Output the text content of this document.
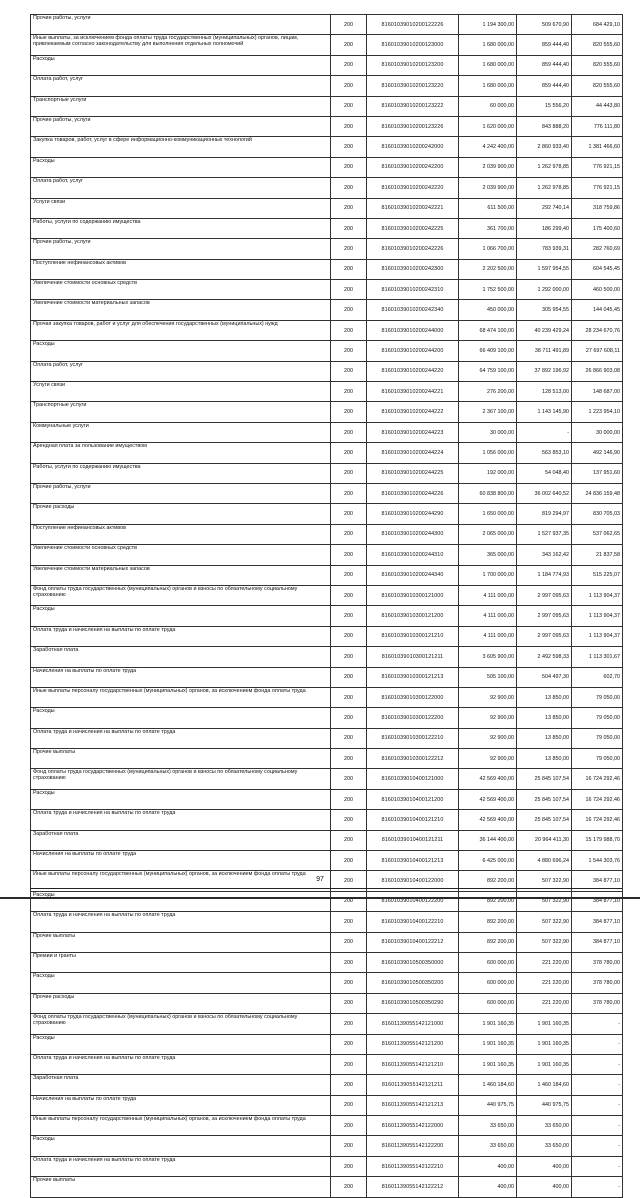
Прочие работы, услуги	200	81601039010200122226	1 194 300,00	509 670,90	684 429,10
Иные выплаты, за исключением фонда оплаты труда государственных (муниципальных) органов, лицам, привлекаемым согласно законодательству для выполнения отдельных полномочий	200	81601039010200123000	1 680 000,00	859 444,40	820 555,60
Расходы	200	81601039010200123200	1 680 000,00	859 444,40	820 555,60
Оплата работ, услуг	200	81601039010200123220	1 680 000,00	859 444,40	820 555,60
Транспортные услуги	200	81601039010200123222	60 000,00	15 556,20	44 443,80
Прочие работы, услуги	200	81601039010200123226	1 620 000,00	843 888,20	776 111,80
Закупка товаров, работ, услуг в сфере информационно-коммуникационных технологий	200	81601039010200242000	4 242 400,00	2 860 933,40	1 381 466,60
Расходы	200	81601039010200242200	2 039 900,00	1 262 978,85	776 921,15
Оплата работ, услуг	200	81601039010200242220	2 039 900,00	1 262 978,85	776 921,15
Услуги связи	200	81601039010200242221	611 500,00	292 740,14	318 759,86
Работы, услуги по содержанию имущества	200	81601039010200242225	361 700,00	186 299,40	175 400,60
Прочие работы, услуги	200	81601039010200242226	1 066 700,00	783 939,31	282 760,69
Поступление нефинансовых активов	200	81601039010200242300	2 202 500,00	1 597 954,55	604 545,45
Увеличение стоимости основных средств	200	81601039010200242310	1 752 500,00	1 292 000,00	460 500,00
Увеличение стоимости материальных запасов	200	81601039010200242340	450 000,00	305 954,55	144 045,45
Прочая закупка товаров, работ и услуг для обеспечения государственных (муниципальных) нужд	200	81601039010200244000	68 474 100,00	40 239 429,24	28 234 670,76
Расходы	200	81601039010200244200	66 409 100,00	38 711 491,89	27 697 608,11
Оплата работ, услуг	200	81601039010200244220	64 759 100,00	37 892 196,92	26 866 903,08
Услуги связи	200	81601039010200244221	276 200,00	128 513,00	148 687,00
Транспортные услуги	200	81601039010200244222	2 367 100,00	1 143 145,90	1 223 954,10
Коммунальные услуги	200	81601039010200244223	30 000,00	-	30 000,00
Арендная плата за пользование имуществом	200	81601039010200244224	1 056 000,00	563 853,10	492 146,90
Работы, услуги по содержанию имущества	200	81601039010200244225	192 000,00	54 048,40	137 951,60
Прочие работы, услуги	200	81601039010200244226	60 838 800,00	36 002 640,52	24 836 159,48
Прочие расходы	200	81601039010200244290	1 650 000,00	819 294,97	830 705,03
Поступление нефинансовых активов	200	81601039010200244300	2 065 000,00	1 527 937,35	537 062,65
Увеличение стоимости основных средств	200	81601039010200244310	365 000,00	343 162,42	21 837,58
Увеличение стоимости материальных запасов	200	81601039010200244340	1 700 000,00	1 184 774,93	515 225,07
Фонд оплаты труда государственных (муниципальных) органов и взносы по обязательному социальному страхованию	200	81601039010300121000	4 111 000,00	2 997 095,63	1 113 904,37
Расходы	200	81601039010300121200	4 111 000,00	2 997 095,63	1 113 904,37
Оплата труда и начисления на выплаты по оплате труда	200	81601039010300121210	4 111 000,00	2 997 095,63	1 113 904,37
Заработная плата	200	81601039010300121211	3 605 900,00	2 492 598,33	1 113 301,67
Начисления на выплаты по оплате труда	200	81601039010300121213	505 100,00	504 497,30	602,70
Иные выплаты персоналу государственных (муниципальных) органов, за исключением фонда оплаты труда	200	81601039010300122000	92 900,00	13 850,00	79 050,00
Расходы	200	81601039010300122200	92 900,00	13 850,00	79 050,00
Оплата труда и начисления на выплаты по оплате труда	200	81601039010300122210	92 900,00	13 850,00	79 050,00
Прочие выплаты	200	81601039010300122212	92 900,00	13 850,00	79 050,00
Фонд оплаты труда государственных (муниципальных) органов и взносы по обязательному социальному страхованию	200	81601039010400121000	42 569 400,00	25 845 107,54	16 724 292,46
Расходы	200	81601039010400121200	42 569 400,00	25 845 107,54	16 724 292,46
Оплата труда и начисления на выплаты по оплате труда	200	81601039010400121210	42 569 400,00	25 845 107,54	16 724 292,46
Заработная плата	200	81601039010400121211	36 144 400,00	20 964 411,30	15 179 988,70
Начисления на выплаты по оплате труда	200	81601039010400121213	6 425 000,00	4 880 696,24	1 544 303,76
Иные выплаты персоналу государственных (муниципальных) органов, за исключением фонда оплаты труда	200	81601039010400122000	892 200,00	507 322,90	384 877,10
Расходы	200	81601039010400122200	892 200,00	507 322,90	384 877,10
Оплата труда и начисления на выплаты по оплате труда	200	81601039010400122210	892 200,00	507 322,90	384 877,10
Прочие выплаты	200	81601039010400122212	892 200,00	507 322,90	384 877,10
Премии и гранты	200	81601039010500350000	600 000,00	221 220,00	378 780,00
Расходы	200	81601039010500350200	600 000,00	221 220,00	378 780,00
Прочие расходы	200	81601039010500350290	600 000,00	221 220,00	378 780,00
Фонд оплаты труда государственных (муниципальных) органов и взносы по обязательному социальному страхованию	200	81601139055142121000	1 901 160,35	1 901 160,35	-
Расходы	200	81601139055142121200	1 901 160,35	1 901 160,35	-
Оплата труда и начисления на выплаты по оплате труда	200	81601139055142121210	1 901 160,35	1 901 160,35	-
Заработная плата	200	81601139055142121211	1 460 184,60	1 460 184,60	-
Начисления на выплаты по оплате труда	200	81601139055142121213	440 975,75	440 975,75	-
Иные выплаты персоналу государственных (муниципальных) органов, за исключением фонда оплаты труда	200	81601139055142122000	33 650,00	33 650,00	-
Расходы	200	81601139055142122200	33 650,00	33 650,00	-
Оплата труда и начисления на выплаты по оплате труда	200	81601139055142122210	400,00	400,00	-
Прочие выплаты	200	81601139055142122212	400,00	400,00	-
97
